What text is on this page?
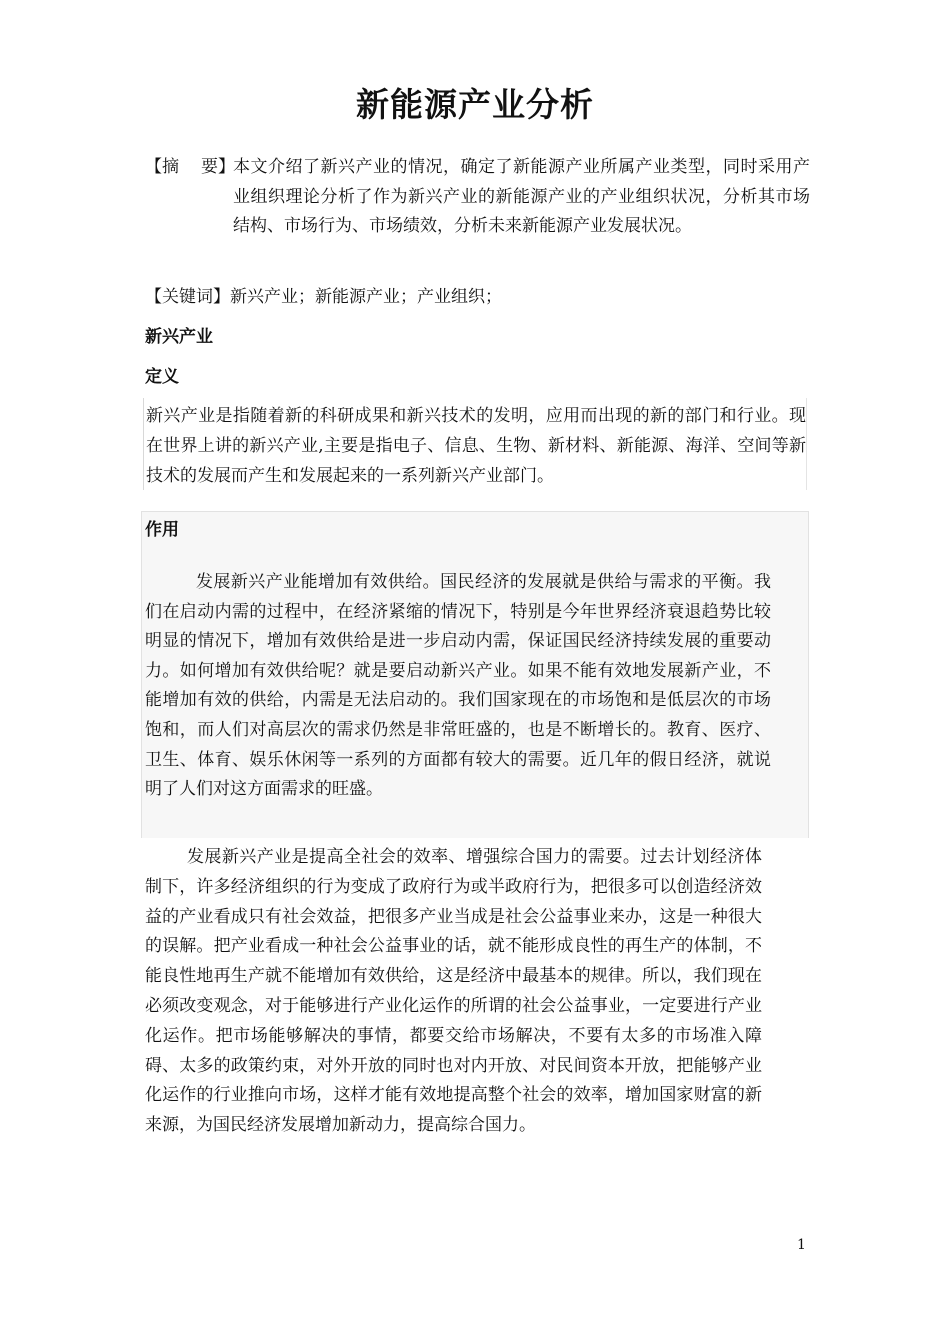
新能源产业分析
【摘 要】
本文介绍了新兴产业的情况，确定了新能源产业所属产业类型，同时采用产业组织理论分析了作为新兴产业的新能源产业的产业组织状况，分析其市场结构、市场行为、市场绩效，分析未来新能源产业发展状况。
【关键词】新兴产业；新能源产业；产业组织；
新兴产业
定义
新兴产业是指随着新的科研成果和新兴技术的发明，应用而出现的新的部门和行业。现在世界上讲的新兴产业,主要是指电子、信息、生物、新材料、新能源、海洋、空间等新技术的发展而产生和发展起来的一系列新兴产业部门。
作用
发展新兴产业能增加有效供给。国民经济的发展就是供给与需求的平衡。我们在启动内需的过程中，在经济紧缩的情况下，特别是今年世界经济衰退趋势比较明显的情况下，增加有效供给是进一步启动内需，保证国民经济持续发展的重要动力。如何增加有效供给呢？就是要启动新兴产业。如果不能有效地发展新产业，不能增加有效的供给，内需是无法启动的。我们国家现在的市场饱和是低层次的市场饱和，而人们对高层次的需求仍然是非常旺盛的，也是不断增长的。教育、医疗、卫生、体育、娱乐休闲等一系列的方面都有较大的需要。近几年的假日经济，就说明了人们对这方面需求的旺盛。
发展新兴产业是提高全社会的效率、增强综合国力的需要。过去计划经济体制下，许多经济组织的行为变成了政府行为或半政府行为，把很多可以创造经济效益的产业看成只有社会效益，把很多产业当成是社会公益事业来办，这是一种很大的误解。把产业看成一种社会公益事业的话，就不能形成良性的再生产的体制，不能良性地再生产就不能增加有效供给，这是经济中最基本的规律。所以，我们现在必须改变观念，对于能够进行产业化运作的所谓的社会公益事业，一定要进行产业化运作。把市场能够解决的事情，都要交给市场解决，不要有太多的市场准入障碍、太多的政策约束，对外开放的同时也对内开放、对民间资本开放，把能够产业化运作的行业推向市场，这样才能有效地提高整个社会的效率，增加国家财富的新来源，为国民经济发展增加新动力，提高综合国力。
1
